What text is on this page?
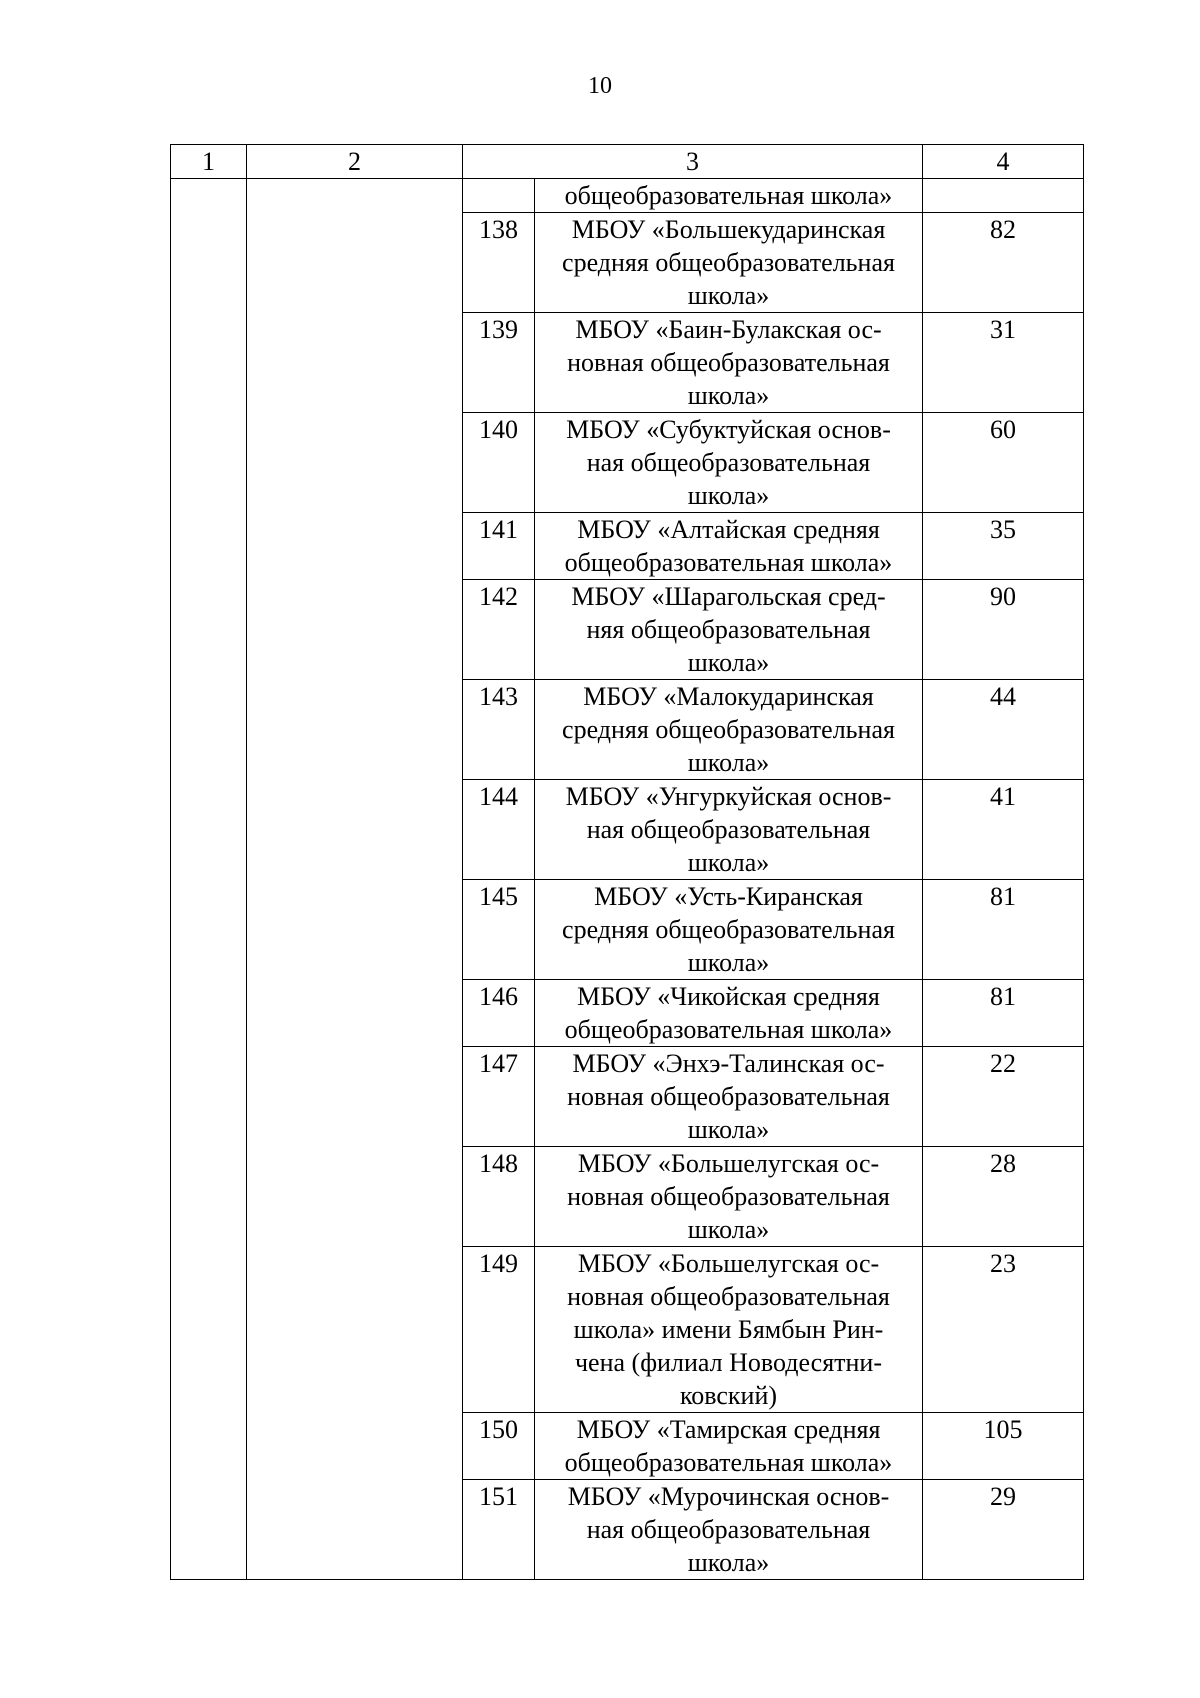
10
1	2	3		4
			общеобразовательная школа»	
		138	МБОУ «Большекударинская
средняя общеобразовательная
школа»	82
		139	МБОУ «Баин-Булакская ос-
новная общеобразовательная
школа»	31
		140	МБОУ «Субуктуйская основ-
ная общеобразовательная
школа»	60
		141	МБОУ «Алтайская средняя
общеобразовательная школа»	35
		142	МБОУ «Шарагольская сред-
няя общеобразовательная
школа»	90
		143	МБОУ «Малокударинская
средняя общеобразовательная
школа»	44
		144	МБОУ «Унгуркуйская основ-
ная общеобразовательная
школа»	41
		145	МБОУ «Усть-Киранская
средняя общеобразовательная
школа»	81
		146	МБОУ «Чикойская средняя
общеобразовательная школа»	81
		147	МБОУ «Энхэ-Талинская ос-
новная общеобразовательная
школа»	22
		148	МБОУ «Большелугская ос-
новная общеобразовательная
школа»	28
		149	МБОУ «Большелугская ос-
новная общеобразовательная
школа» имени Бямбын Рин-
чена (филиал Новодесятни-
ковский)	23
		150	МБОУ «Тамирская средняя
общеобразовательная школа»	105
		151	МБОУ «Мурочинская основ-
ная общеобразовательная
школа»	29
